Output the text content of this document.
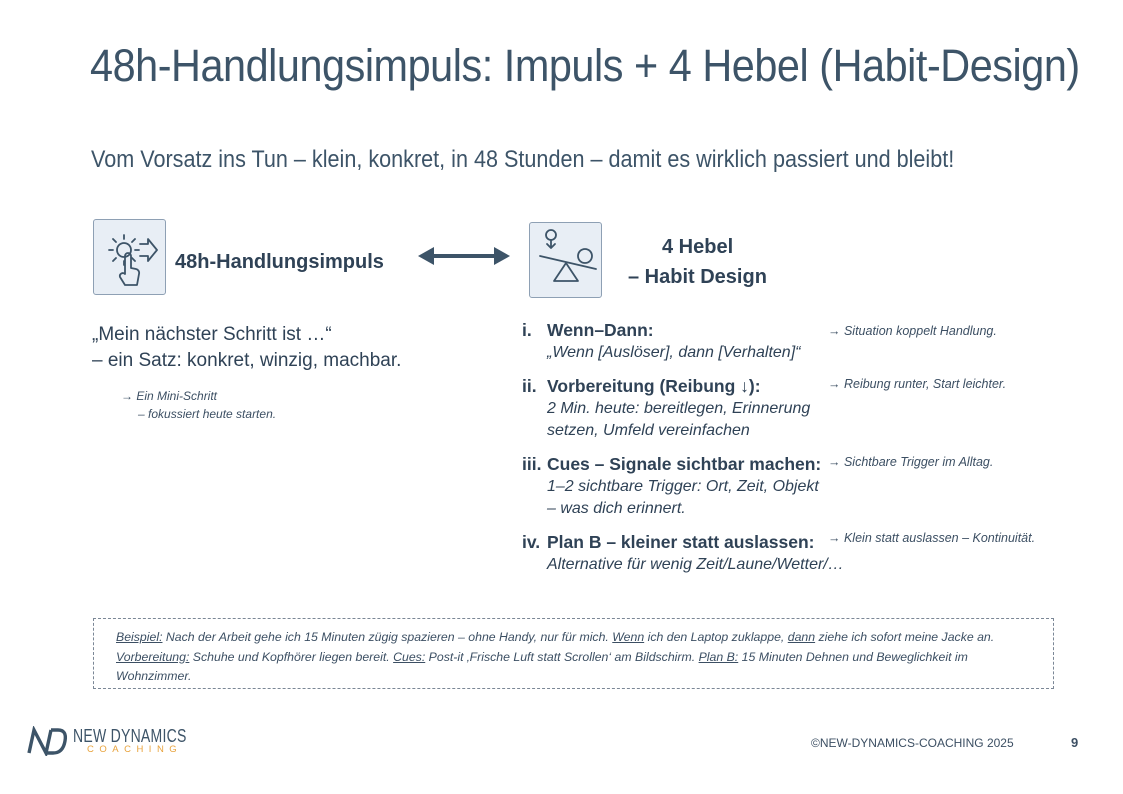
48h-Handlungsimpuls: Impuls + 4 Hebel (Habit-Design)
Vom Vorsatz ins Tun – klein, konkret, in 48 Stunden – damit es wirklich passiert und bleibt!
48h-Handlungsimpuls
4 Hebel
– Habit Design
„Mein nächster Schritt ist …“
– ein Satz: konkret, winzig, machbar.
→ Ein Mini-Schritt
– fokussiert heute starten.
i. Wenn–Dann:
„Wenn [Auslöser], dann [Verhalten]“
→ Situation koppelt Handlung.
ii. Vorbereitung (Reibung ↓):
2 Min. heute: bereitlegen, Erinnerung
setzen, Umfeld vereinfachen
→ Reibung runter, Start leichter.
iii. Cues – Signale sichtbar machen:
1–2 sichtbare Trigger: Ort, Zeit, Objekt
– was dich erinnert.
→ Sichtbare Trigger im Alltag.
iv. Plan B – kleiner statt auslassen:
Alternative für wenig Zeit/Laune/Wetter/…
→ Klein statt auslassen – Kontinuität.

Beispiel: Nach der Arbeit gehe ich 15 Minuten zügig spazieren – ohne Handy, nur für mich. Wenn ich den Laptop zuklappe, dann ziehe ich sofort meine Jacke an. Vorbereitung: Schuhe und Kopfhörer liegen bereit. Cues: Post-it ‚Frische Luft statt Scrollen‘ am Bildschirm. Plan B: 15 Minuten Dehnen und Beweglichkeit im Wohnzimmer.

NEW DYNAMICS
COACHING	©NEW-DYNAMICS-COACHING 2025	9
